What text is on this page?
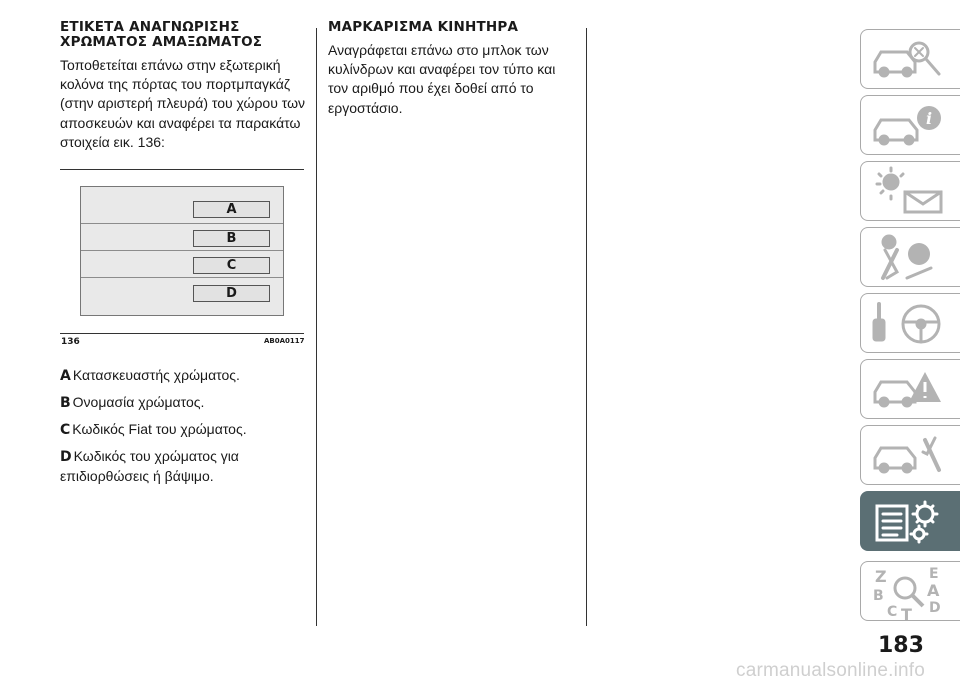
ΕΤΙΚΕΤΑ ΑΝΑΓΝΩΡΙΣΗΣ
ΧΡΩΜΑΤΟΣ ΑΜΑΞΩΜΑΤΟΣ

Τοποθετείται επάνω στην εξωτερική κολόνα της πόρτας του πορτμπαγκάζ (στην αριστερή πλευρά) του χώρου των αποσκευών και αναφέρει τα παρακάτω στοιχεία εικ. 136:

A
B
C
D
136	AB0A0117

A Κατασκευαστής χρώματος.

B Ονομασία χρώματος.

C Κωδικός Fiat του χρώματος.

D Κωδικός του χρώματος για επιδιορθώσεις ή βάψιμο.

ΜΑΡΚΑΡΙΣΜΑ ΚΙΝΗΤΗΡΑ

Αναγράφεται επάνω στο μπλοκ των κυλίνδρων και αναφέρει τον τύπο και τον αριθμό που έχει δοθεί από το εργοστάσιο.

i
Z	E
A
B
C T D
183
carmanualsonline.info
